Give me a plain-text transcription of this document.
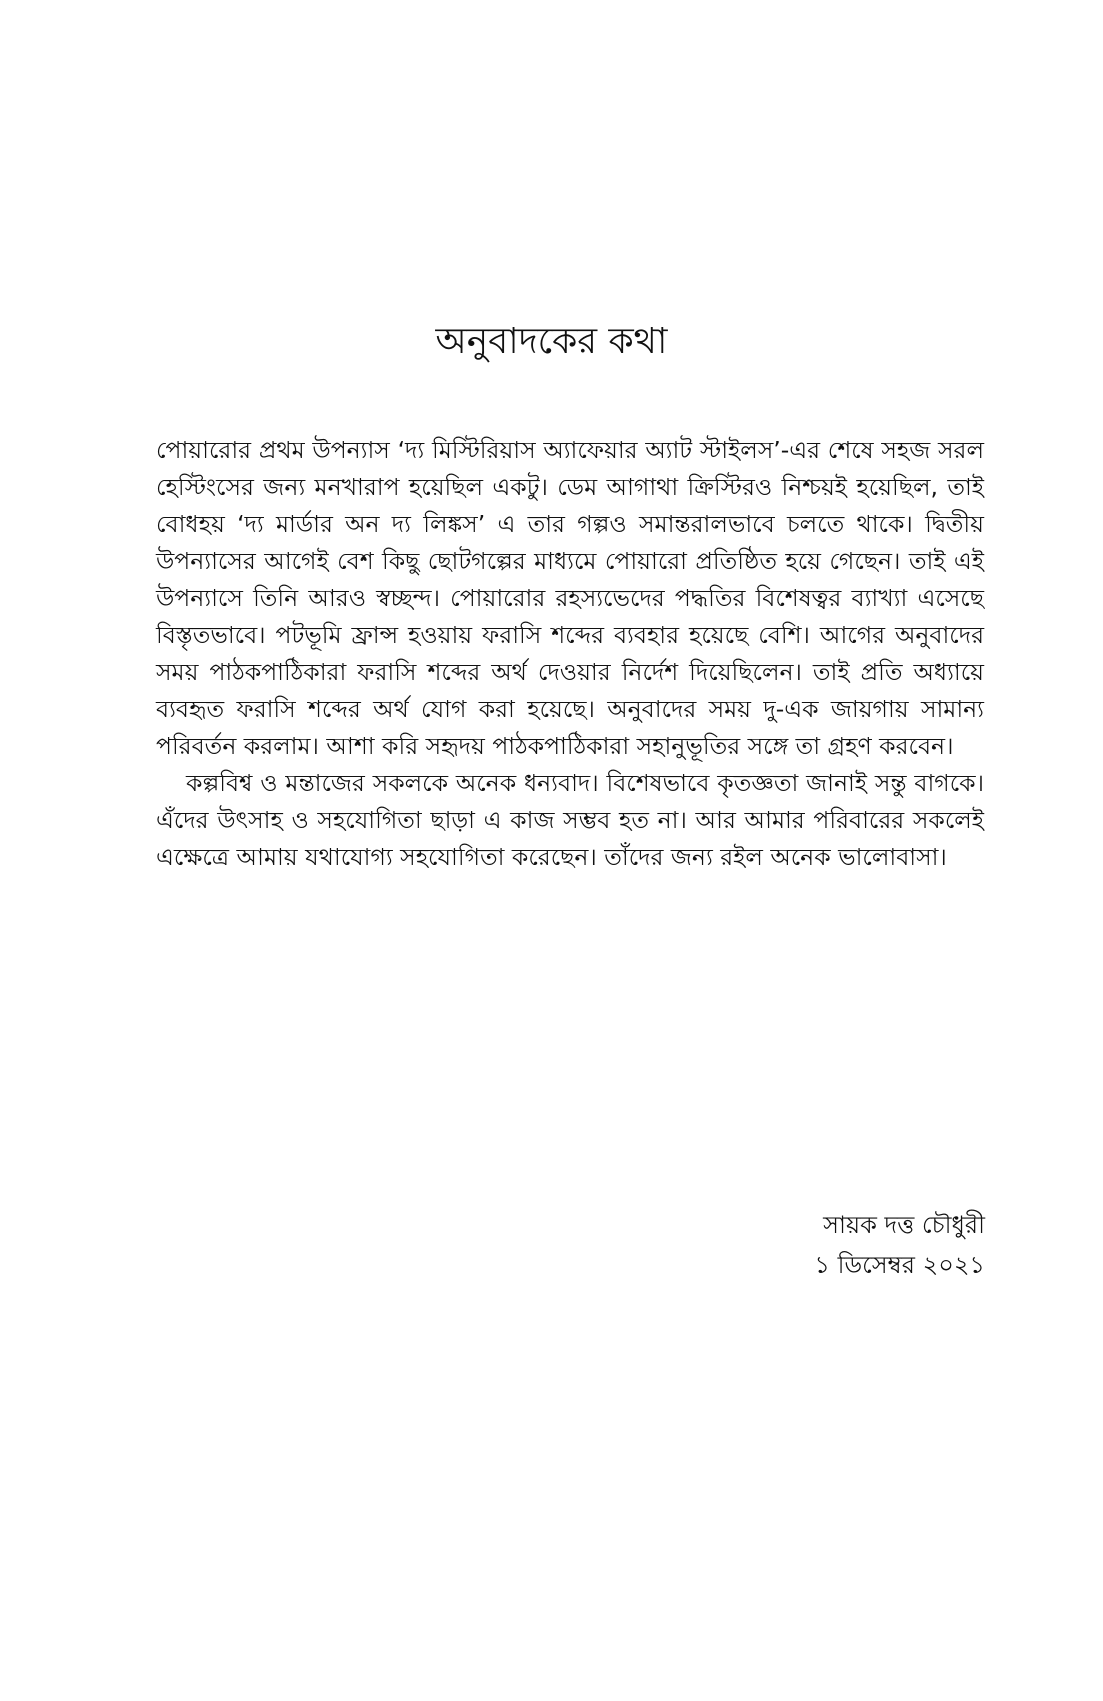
অনুবাদকের কথা

পোয়ারোর প্রথম উপন্যাস ‘দ্য মিস্টিরিয়াস অ্যাফেয়ার অ্যাট স্টাইলস’-এর শেষে সহজ সরল হেস্টিংসের জন্য মনখারাপ হয়েছিল একটু। ডেম আগাথা ক্রিস্টিরও নিশ্চয়ই হয়েছিল, তাই বোধহয় ‘দ্য মার্ডার অন দ্য লিঙ্কস’ এ তার গল্পও সমান্তরালভাবে চলতে থাকে। দ্বিতীয় উপন্যাসের আগেই বেশ কিছু ছোটগল্পের মাধ্যমে পোয়ারো প্রতিষ্ঠিত হয়ে গেছেন। তাই এই উপন্যাসে তিনি আরও স্বচ্ছন্দ। পোয়ারোর রহস্যভেদের পদ্ধতির বিশেষত্বর ব্যাখ্যা এসেছে বিস্তৃতভাবে। পটভূমি ফ্রান্স হওয়ায় ফরাসি শব্দের ব্যবহার হয়েছে বেশি। আগের অনুবাদের সময় পাঠকপাঠিকারা ফরাসি শব্দের অর্থ দেওয়ার নির্দেশ দিয়েছিলেন। তাই প্রতি অধ্যায়ে ব্যবহৃত ফরাসি শব্দের অর্থ যোগ করা হয়েছে। অনুবাদের সময় দু-এক জায়গায় সামান্য পরিবর্তন করলাম। আশা করি সহৃদয় পাঠকপাঠিকারা সহানুভূতির সঙ্গে তা গ্রহণ করবেন।

কল্পবিশ্ব ও মন্তাজের সকলকে অনেক ধন্যবাদ। বিশেষভাবে কৃতজ্ঞতা জানাই সন্তু বাগকে। এঁদের উৎসাহ ও সহযোগিতা ছাড়া এ কাজ সম্ভব হত না। আর আমার পরিবারের সকলেই এক্ষেত্রে আমায় যথাযোগ্য সহযোগিতা করেছেন। তাঁদের জন্য রইল অনেক ভালোবাসা।

সায়ক দত্ত চৌধুরী
১ ডিসেম্বর ২০২১
